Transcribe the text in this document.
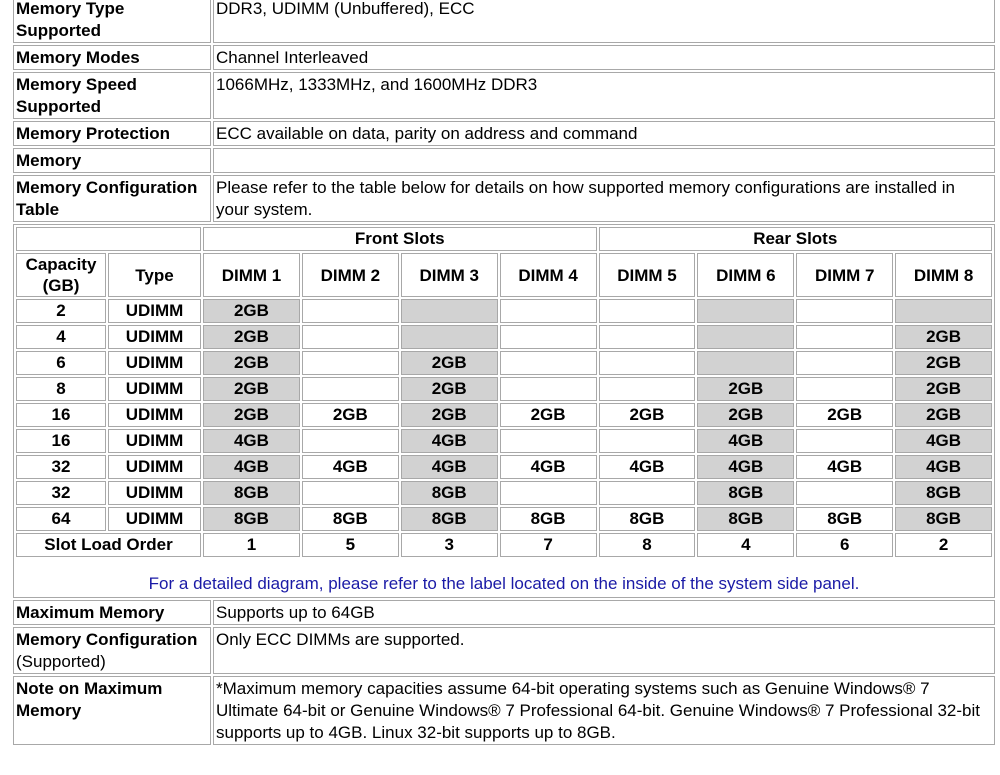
Memory Type Supported	DDR3, UDIMM (Unbuffered), ECC
Memory Modes	Channel Interleaved
Memory Speed Supported	1066MHz, 1333MHz, and 1600MHz DDR3
Memory Protection	ECC available on data, parity on address and command
Memory	
Memory Configuration Table	Please refer to the table below for details on how supported memory configurations are installed in your system.

	Front Slots	Rear Slots
Capacity (GB)	Type	DIMM 1	DIMM 2	DIMM 3	DIMM 4	DIMM 5	DIMM 6	DIMM 7	DIMM 8
2	UDIMM	2GB							
4	UDIMM	2GB							2GB
6	UDIMM	2GB		2GB					2GB
8	UDIMM	2GB		2GB			2GB		2GB
16	UDIMM	2GB	2GB	2GB	2GB	2GB	2GB	2GB	2GB
16	UDIMM	4GB		4GB			4GB		4GB
32	UDIMM	4GB	4GB	4GB	4GB	4GB	4GB	4GB	4GB
32	UDIMM	8GB		8GB			8GB		8GB
64	UDIMM	8GB	8GB	8GB	8GB	8GB	8GB	8GB	8GB
Slot Load Order	1	5	3	7	8	4	6	2
For a detailed diagram, please refer to the label located on the inside of the system side panel.

Maximum Memory	Supports up to 64GB
Memory Configuration
(Supported)	Only ECC DIMMs are supported.
Note on Maximum Memory	*Maximum memory capacities assume 64-bit operating systems such as Genuine Windows® 7 Ultimate 64-bit or Genuine Windows® 7 Professional 64-bit. Genuine Windows® 7 Professional 32-bit supports up to 4GB. Linux 32-bit supports up to 8GB.
